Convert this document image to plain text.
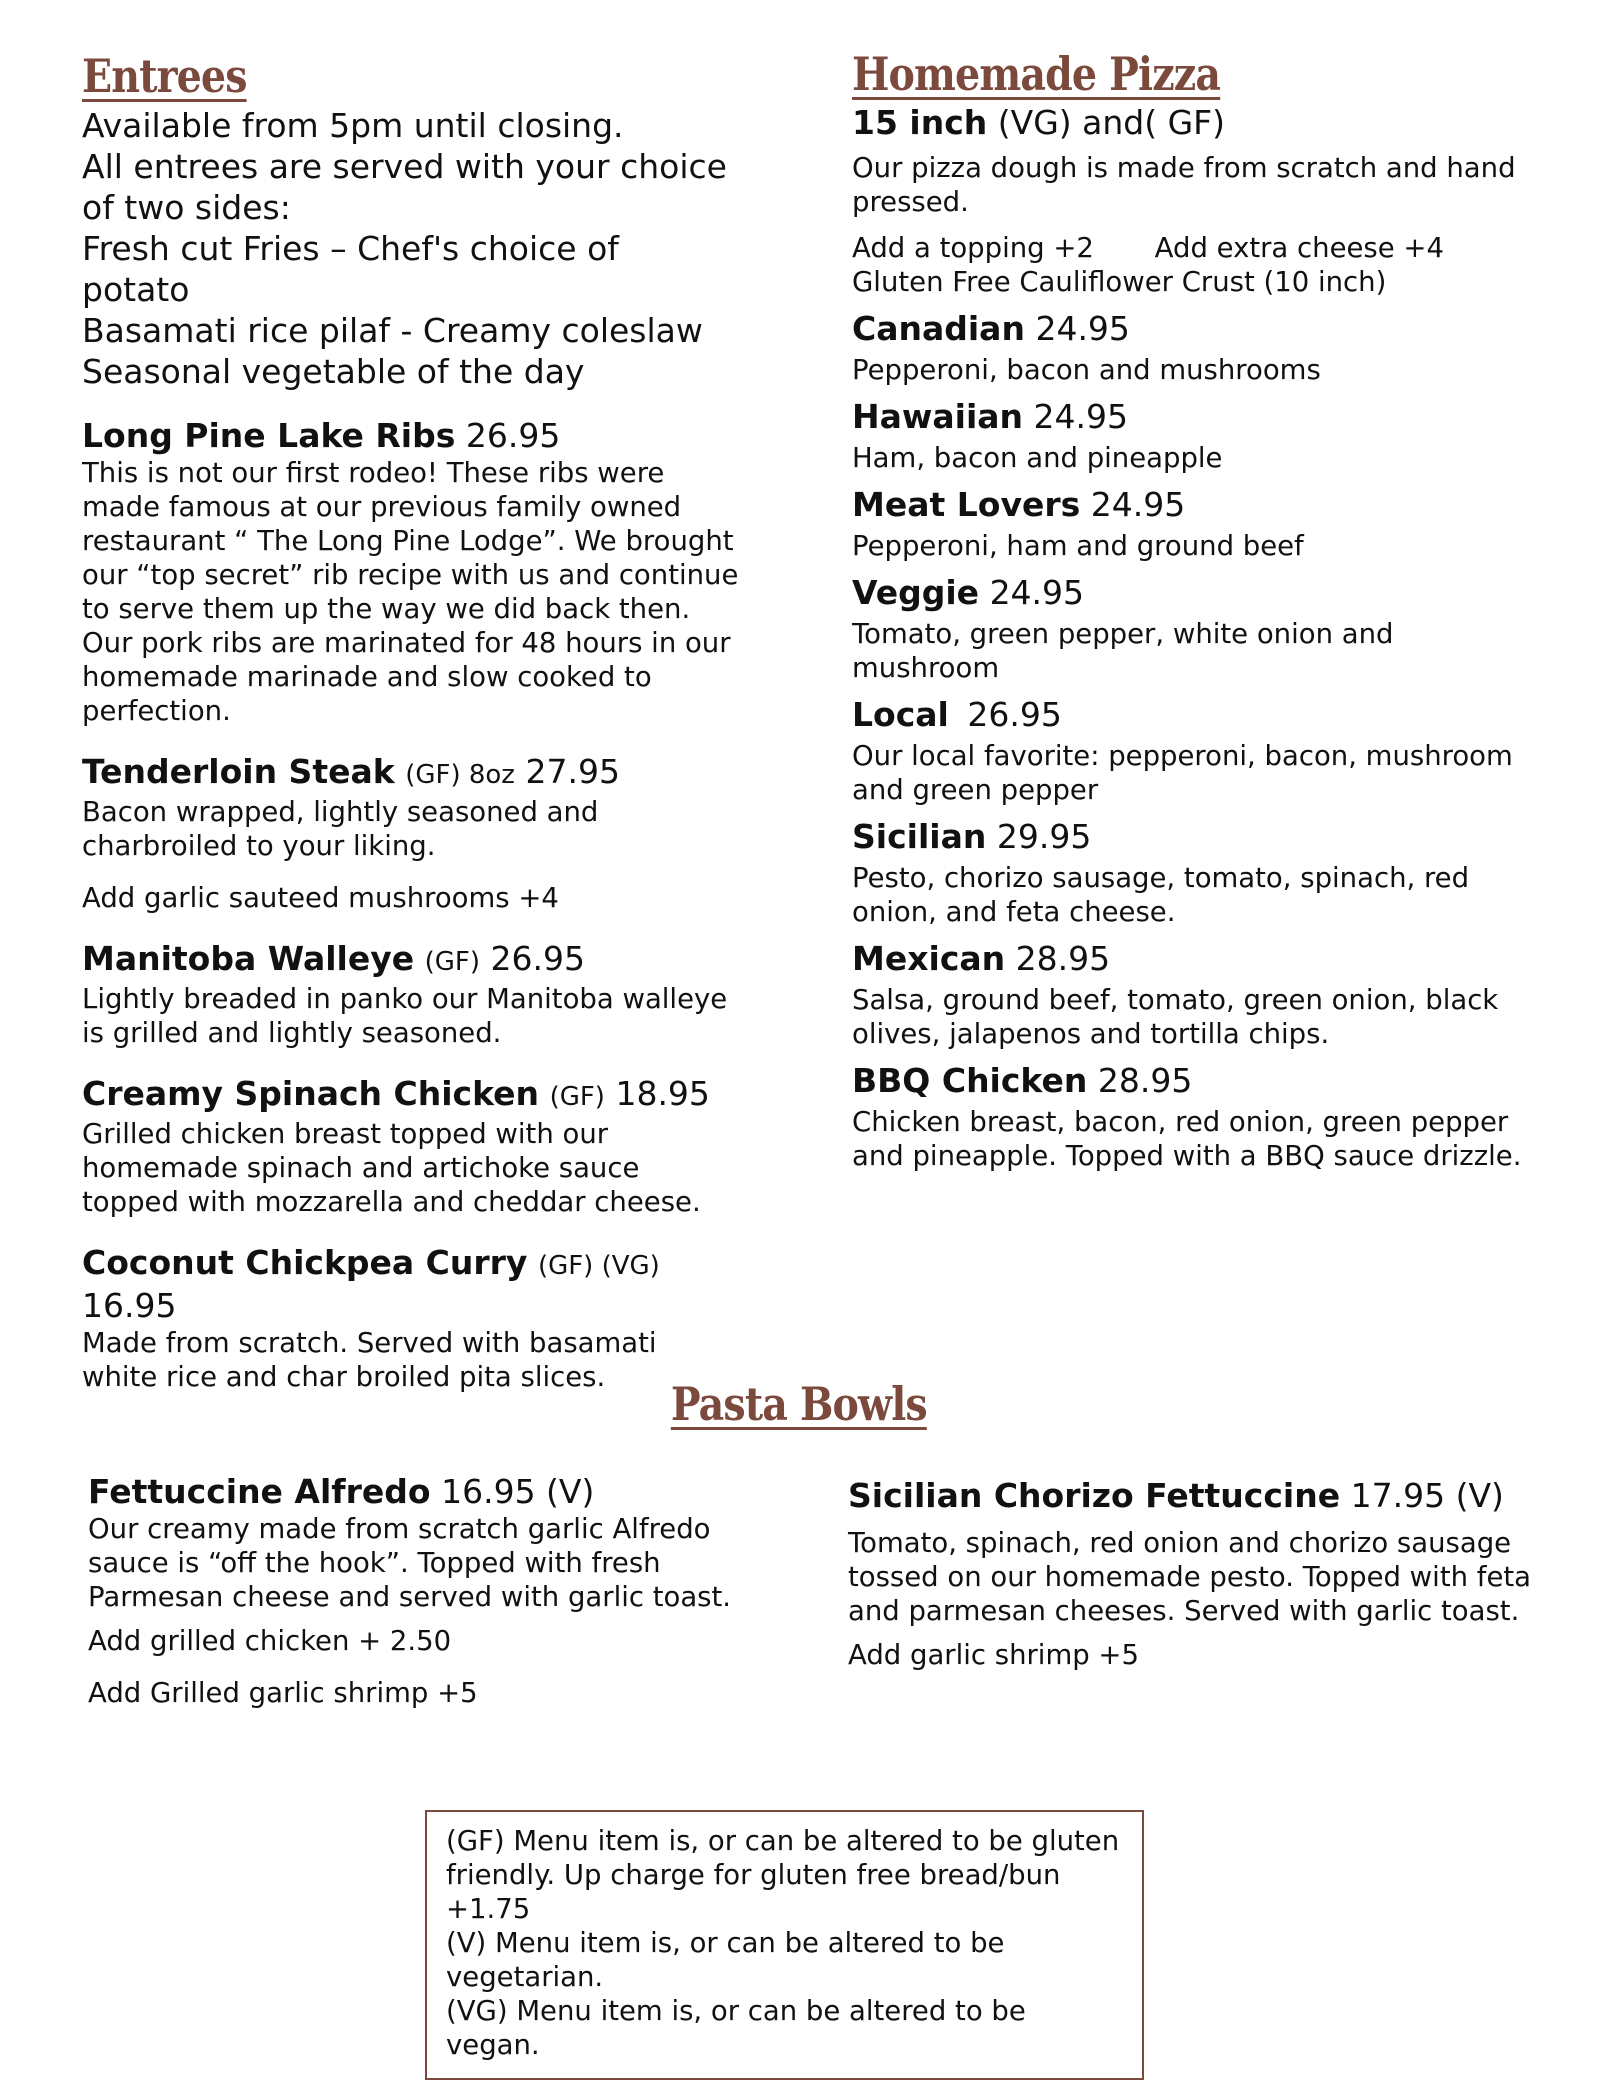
Entrees
Available from 5pm until closing.
All entrees are served with your choice
of two sides:
Fresh cut Fries – Chef's choice of
potato
Basamati rice pilaf - Creamy coleslaw
Seasonal vegetable of the day
Long Pine Lake Ribs 26.95
This is not our first rodeo! These ribs were
made famous at our previous family owned
restaurant “ The Long Pine Lodge”. We brought
our “top secret” rib recipe with us and continue
to serve them up the way we did back then.
Our pork ribs are marinated for 48 hours in our
homemade marinade and slow cooked to
perfection.
Tenderloin Steak (GF) 8oz 27.95
Bacon wrapped, lightly seasoned and
charbroiled to your liking.
Add garlic sauteed mushrooms +4
Manitoba Walleye (GF) 26.95
Lightly breaded in panko our Manitoba walleye
is grilled and lightly seasoned.
Creamy Spinach Chicken (GF) 18.95
Grilled chicken breast topped with our
homemade spinach and artichoke sauce
topped with mozzarella and cheddar cheese.
Coconut Chickpea Curry (GF) (VG)
16.95
Made from scratch. Served with basamati
white rice and char broiled pita slices.
Homemade Pizza
15 inch (VG) and( GF)
Our pizza dough is made from scratch and hand
pressed.
Add a topping +2 Add extra cheese +4
Gluten Free Cauliflower Crust (10 inch)
Canadian 24.95
Pepperoni, bacon and mushrooms
Hawaiian 24.95
Ham, bacon and pineapple
Meat Lovers 24.95
Pepperoni, ham and ground beef
Veggie 24.95
Tomato, green pepper, white onion and
mushroom
Local 26.95
Our local favorite: pepperoni, bacon, mushroom
and green pepper
Sicilian 29.95
Pesto, chorizo sausage, tomato, spinach, red
onion, and feta cheese.
Mexican 28.95
Salsa, ground beef, tomato, green onion, black
olives, jalapenos and tortilla chips.
BBQ Chicken 28.95
Chicken breast, bacon, red onion, green pepper
and pineapple. Topped with a BBQ sauce drizzle.
Pasta Bowls
Fettuccine Alfredo 16.95 (V)
Our creamy made from scratch garlic Alfredo
sauce is “off the hook”. Topped with fresh
Parmesan cheese and served with garlic toast.
Add grilled chicken + 2.50
Add Grilled garlic shrimp +5
Sicilian Chorizo Fettuccine 17.95 (V)
Tomato, spinach, red onion and chorizo sausage
tossed on our homemade pesto. Topped with feta
and parmesan cheeses. Served with garlic toast.
Add garlic shrimp +5
(GF) Menu item is, or can be altered to be gluten
friendly. Up charge for gluten free bread/bun +1.75
(V) Menu item is, or can be altered to be
vegetarian.
(VG) Menu item is, or can be altered to be vegan.
